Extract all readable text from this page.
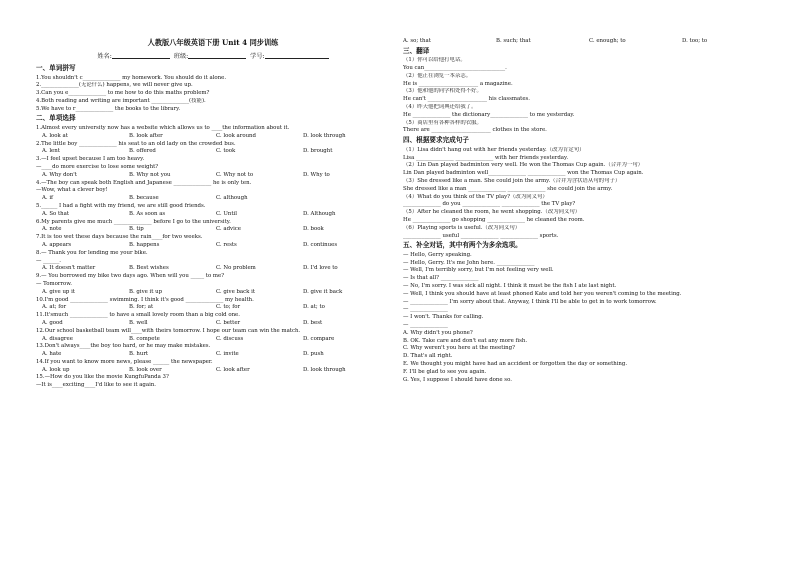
人教版八年级英语下册 Unit 4 同步训练
姓名:	班级:	学号:
一、单词拼写
1.You shouldn't c______________ my homework. You should do it alone.
2.______________(无论什么) happens, we will never give up.
3.Can you e______________ to me how to do this maths problem?
4.Both reading and writing are important ______________(技能).
5.We have to r______________ the books to the library.
二、单项选择
1.Almost every university now has a website which allows us to ____the information about it.
A. look at	B. look after	C. look around	D. look through
2.The little boy ______________ his seat to an old lady on the crowded bus.
A. lent	B. offered	C. took	D. brought
3.—I feel upset because I am too heavy.
—____do more exercise to lose some weight?
A. Why don't	B. Why not you	C. Why not to	D. Why to
4.—The boy can speak both English and Japanese ______________ he is only ten.
—Wow, what a clever boy!
A. if	B. because	C. although
5.______ I had a fight with my friend, we are still good friends.
A. So that	B. As soon as	C. Until	D. Although
6.My parents give me much ______________ before I go to the university.
A. note	B. tip	C. advice	D. book
7.It is too wet these days because the rain____for two weeks.
A. appears	B. happens	C. rests	D. continues
8.— Thank you for lending me your bike.
— ______.
A. It doesn't matter	B. Best wishes	C. No problem	D. I'd love to
9.— You borrowed my bike two days ago. When will you _____ to me?
— Tomorrow.
A. give up it	B. give it up	C. give back it	D. give it back
10.I'm good ______________ swimming. I think it's good ______________ my health.
A. at; for	B. for; at	C. to; for	D. at; to
11.It'smuch ______________ to have a small lovely room than a big cold one.
A. good	B. well	C. better	D. best
12.Our school basketball team will____with theirs tomorrow. I hope our team can win the match.
A. disagree	B. compete	C. discuss	D. compare
13.Don't always____the boy too hard, or he may make mistakes.
A. hate	B. hurt	C. invite	D. push
14.If you want to know more news, please ______ the newspaper.
A. look up	B. look over	C. look after	D. look through
15.—How do you like the movie KungfuPanda 3?
—It is____exciting____I'd like to see it again.
A. so; that	B. such; that	C. enough; to	D. too; to
三、翻译
（1）你可以给他打电话。
You can______________________________.
（2）他正在浏览一本杂志。
He is ______________________ a magazine.
（3）他和他的同学相处得不好。
He can't ______________________ his classmates.
（4）昨天他把词典还给我了。
He ______________ the dictionary______________ to me yesterday.
（5）商店里有各种各样的衣服。
There are ______________________ clothes in the store.
四、根据要求完成句子
（1）Lisa didn't hang out with her friends yesterday.（改为肯定句）
Lisa ______________ ______________ with her friends yesterday.
（2）Lin Dan played badminton very well. He won the Thomas Cup again.（合并为一句）
Lin Dan played badminton well______________ ______________ won the Thomas Cup again.
（3）She dressed like a man. She could join the army.（合并为含状语从句的句子）
She dressed like a man ______________ ______________ she could join the army.
（4）What do you think of the TV play?（改为同义句）
______________ do you ______________ ______________ the TV play?
（5）After he cleaned the room, he went shopping.（改为同义句）
He ______________ go shopping ______________ he cleaned the room.
（6）Playing sports is useful.（改为同义句）
______________ useful ______________ ______________ sports.
五、补全对话，其中有两个为多余选项。
— Hello, Gerry speaking.
— Hello, Gerry. It's me John here. ______________
— Well, I'm terribly sorry, but I'm not feeling very well.
— Is that all? ______________
— No, I'm sorry. I was sick all night. I think it must be the fish I ate last night.
— Well, I think you should have at least phoned Kate and told her you weren't coming to the meeting.
— ______________ I'm sorry about that. Anyway, I think I'll be able to get in to work tomorrow.
— ______________
— I won't. Thanks for calling.
— ______________
A. Why didn't you phone?
B. OK. Take care and don't eat any more fish.
C. Why weren't you here at the meeting?
D. That's all right.
E. We thought you might have had an accident or forgotten the day or something.
F. I'll be glad to see you again.
G. Yes, I suppose I should have done so.
